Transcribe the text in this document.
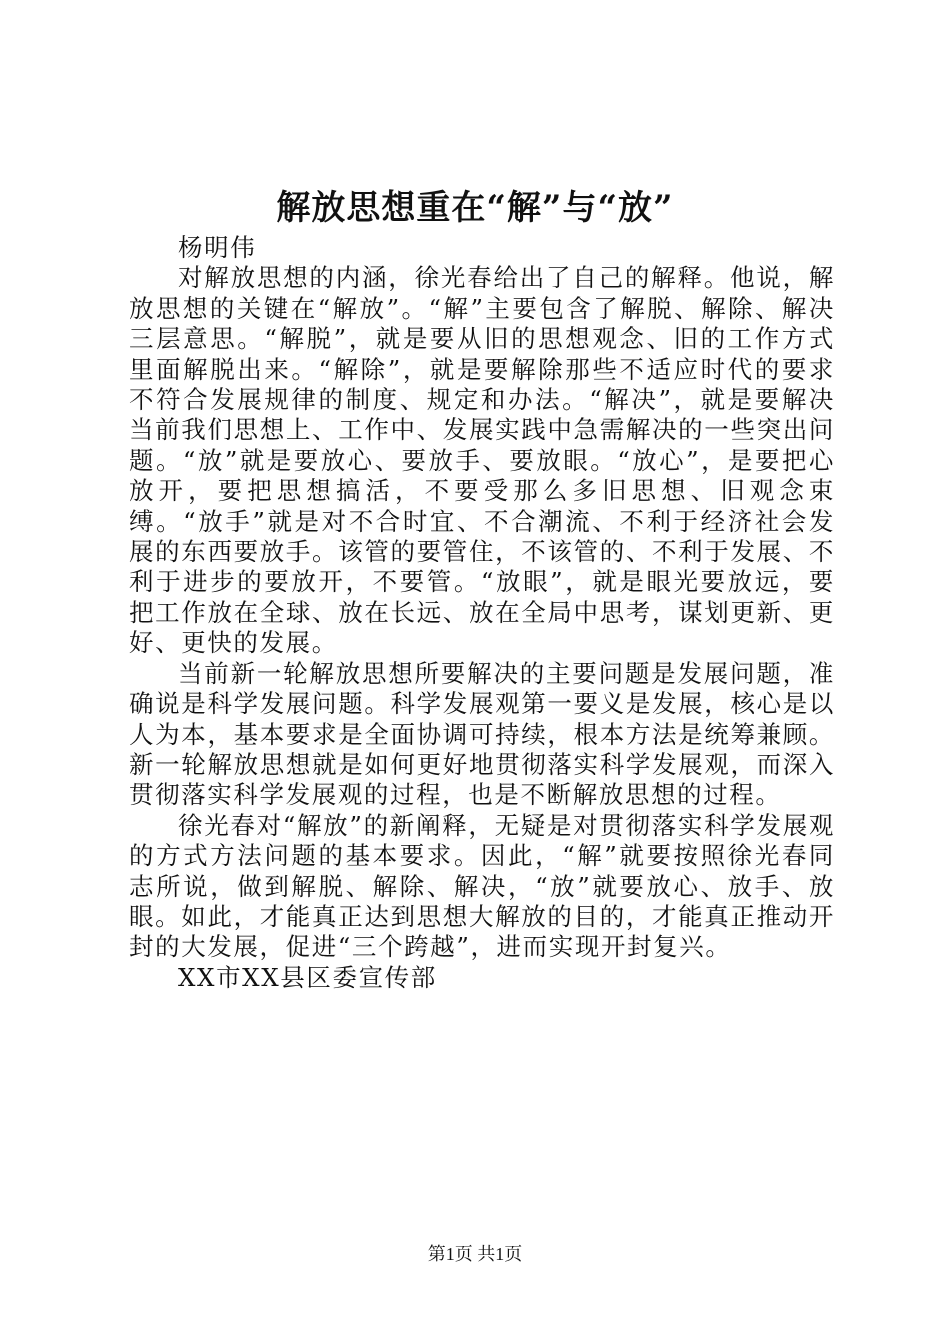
解放思想重在“解”与“放”

杨明伟

对解放思想的内涵，徐光春给出了自己的解释。他说，解放思想的关键在“解放”。“解”主要包含了解脱、解除、解决三层意思。“解脱”，就是要从旧的思想观念、旧的工作方式里面解脱出来。“解除”，就是要解除那些不适应时代的要求不符合发展规律的制度、规定和办法。“解决”，就是要解决当前我们思想上、工作中、发展实践中急需解决的一些突出问题。“放”就是要放心、要放手、要放眼。“放心”，是要把心放开，要把思想搞活，不要受那么多旧思想、旧观念束缚。“放手”就是对不合时宜、不合潮流、不利于经济社会发展的东西要放手。该管的要管住，不该管的、不利于发展、不利于进步的要放开，不要管。“放眼”，就是眼光要放远，要把工作放在全球、放在长远、放在全局中思考，谋划更新、更好、更快的发展。

当前新一轮解放思想所要解决的主要问题是发展问题，准确说是科学发展问题。科学发展观第一要义是发展，核心是以人为本，基本要求是全面协调可持续，根本方法是统筹兼顾。新一轮解放思想就是如何更好地贯彻落实科学发展观，而深入贯彻落实科学发展观的过程，也是不断解放思想的过程。

徐光春对“解放”的新阐释，无疑是对贯彻落实科学发展观的方式方法问题的基本要求。因此，“解”就要按照徐光春同志所说，做到解脱、解除、解决，“放”就要放心、放手、放眼。如此，才能真正达到思想大解放的目的，才能真正推动开封的大发展，促进“三个跨越”，进而实现开封复兴。

XX市XX县区委宣传部

第1页 共1页
